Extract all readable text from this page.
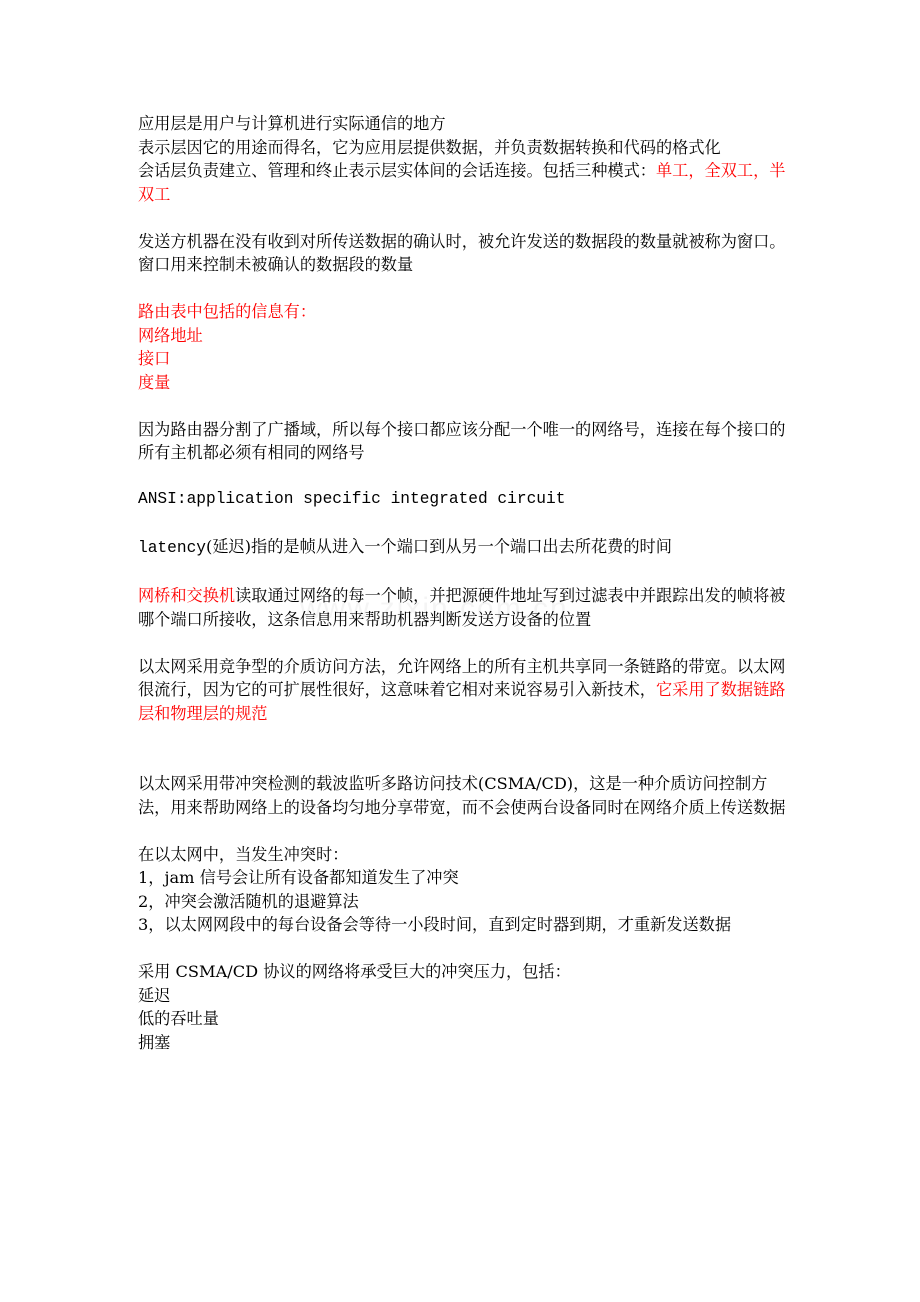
应用层是用户与计算机进行实际通信的地方

表示层因它的用途而得名，它为应用层提供数据，并负责数据转换和代码的格式化

会话层负责建立、管理和终止表示层实体间的会话连接。包括三种模式：单工，全双工，半双工

发送方机器在没有收到对所传送数据的确认时，被允许发送的数据段的数量就被称为窗口。窗口用来控制未被确认的数据段的数量

路由表中包括的信息有：

网络地址

接口

度量

因为路由器分割了广播域，所以每个接口都应该分配一个唯一的网络号，连接在每个接口的所有主机都必须有相同的网络号

ANSI:application specific integrated circuit

latency(延迟)指的是帧从进入一个端口到从另一个端口出去所花费的时间

网桥和交换机读取通过网络的每一个帧，并把源硬件地址写到过滤表中并跟踪出发的帧将被哪个端口所接收，这条信息用来帮助机器判断发送方设备的位置

以太网采用竞争型的介质访问方法，允许网络上的所有主机共享同一条链路的带宽。以太网很流行，因为它的可扩展性很好，这意味着它相对来说容易引入新技术，它采用了数据链路层和物理层的规范

以太网采用带冲突检测的载波监听多路访问技术(CSMA/CD)，这是一种介质访问控制方法，用来帮助网络上的设备均匀地分享带宽，而不会使两台设备同时在网络介质上传送数据

在以太网中，当发生冲突时：

1，jam 信号会让所有设备都知道发生了冲突

2，冲突会激活随机的退避算法

3，以太网网段中的每台设备会等待一小段时间，直到定时器到期，才重新发送数据

采用 CSMA/CD 协议的网络将承受巨大的冲突压力，包括：

延迟

低的吞吐量

拥塞
